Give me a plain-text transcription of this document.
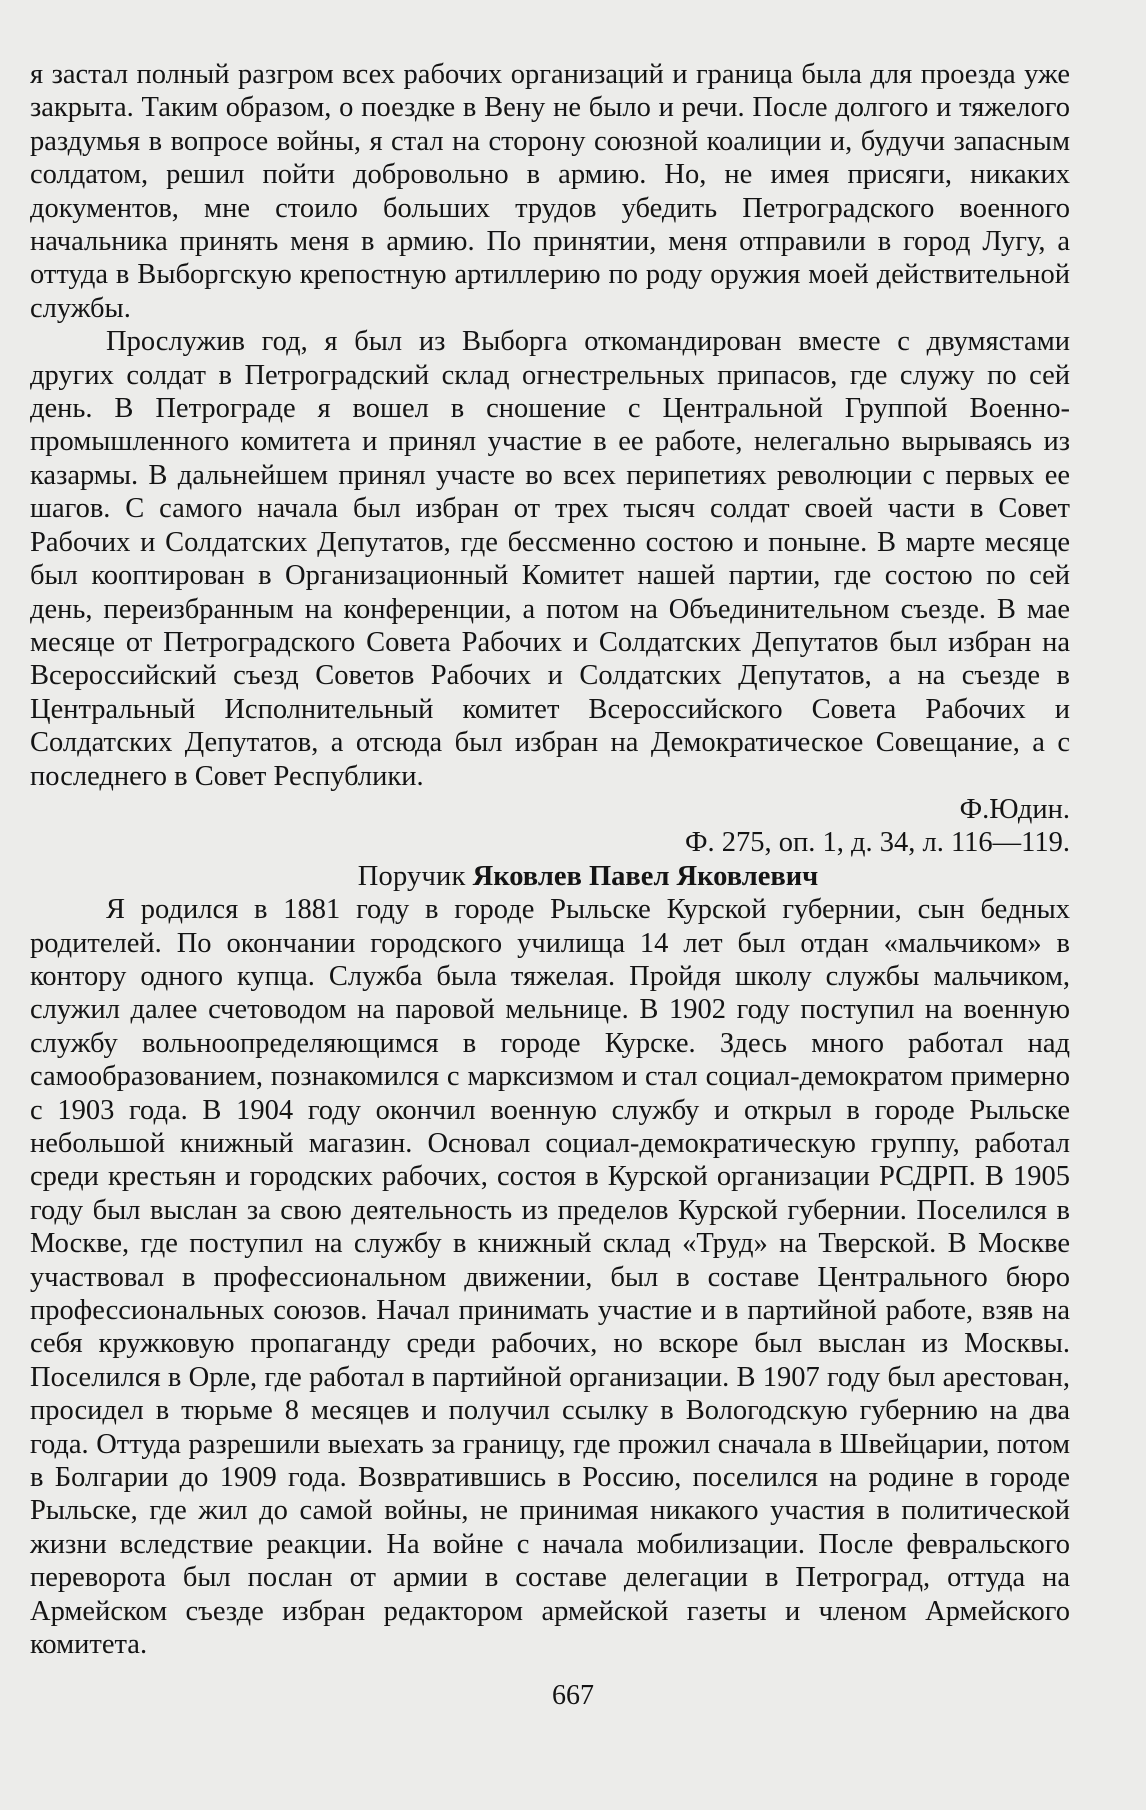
я застал полный разгром всех рабочих организаций и граница была для проезда уже закрыта. Таким образом, о поездке в Вену не было и речи. После долгого и тяжелого раздумья в вопросе войны, я стал на сторону союзной коалиции и, будучи запасным солдатом, решил пойти добровольно в армию. Но, не имея присяги, никаких документов, мне стоило больших трудов убедить Петроградского военного начальника принять меня в армию. По принятии, меня отправили в город Лугу, а оттуда в Выборгскую крепостную артиллерию по роду оружия моей действительной службы.

Прослужив год, я был из Выборга откомандирован вместе с двумястами других солдат в Петроградский склад огнестрельных припасов, где служу по сей день. В Петрограде я вошел в сношение с Центральной Группой Военно-промышленного комитета и принял участие в ее работе, нелегально вырываясь из казармы. В дальнейшем принял участе во всех перипетиях революции с первых ее шагов. С самого начала был избран от трех тысяч солдат своей части в Совет Рабочих и Солдатских Депутатов, где бессменно состою и поныне. В марте месяце был кооптирован в Организационный Комитет нашей партии, где состою по сей день, переизбранным на конференции, а потом на Объединительном съезде. В мае месяце от Петроградского Совета Рабочих и Солдатских Депутатов был избран на Всероссийский съезд Советов Рабочих и Солдатских Депутатов, а на съезде в Центральный Исполнительный комитет Всероссийского Совета Рабочих и Солдатских Депутатов, а отсюда был избран на Демократическое Совещание, а с последнего в Совет Республики.

Ф.Юдин.

Ф. 275, оп. 1, д. 34, л. 116—119.

Поручик Яковлев Павел Яковлевич

Я родился в 1881 году в городе Рыльске Курской губернии, сын бедных родителей. По окончании городского училища 14 лет был отдан «мальчиком» в контору одного купца. Служба была тяжелая. Пройдя школу службы мальчиком, служил далее счетоводом на паровой мельнице. В 1902 году поступил на военную службу вольноопределяющимся в городе Курске. Здесь много работал над самообразованием, познакомился с марксизмом и стал социал-демократом примерно с 1903 года. В 1904 году окончил военную службу и открыл в городе Рыльске небольшой книжный магазин. Основал социал-демократическую группу, работал среди крестьян и городских рабочих, состоя в Курской организации РСДРП. В 1905 году был выслан за свою деятельность из пределов Курской губернии. Поселился в Москве, где поступил на службу в книжный склад «Труд» на Тверской. В Москве участвовал в профессиональном движении, был в составе Центрального бюро профессиональных союзов. Начал принимать участие и в партийной работе, взяв на себя кружковую пропаганду среди рабочих, но вскоре был выслан из Москвы. Поселился в Орле, где работал в партийной организации. В 1907 году был арестован, просидел в тюрьме 8 месяцев и получил ссылку в Вологодскую губернию на два года. Оттуда разрешили выехать за границу, где прожил сначала в Швейцарии, потом в Болгарии до 1909 года. Возвратившись в Россию, поселился на родине в городе Рыльске, где жил до самой войны, не принимая никакого участия в политической жизни вследствие реакции. На войне с начала мобилизации. После февральского переворота был послан от армии в составе делегации в Петроград, оттуда на Армейском съезде избран редактором армейской газеты и членом Армейского комитета.

667
